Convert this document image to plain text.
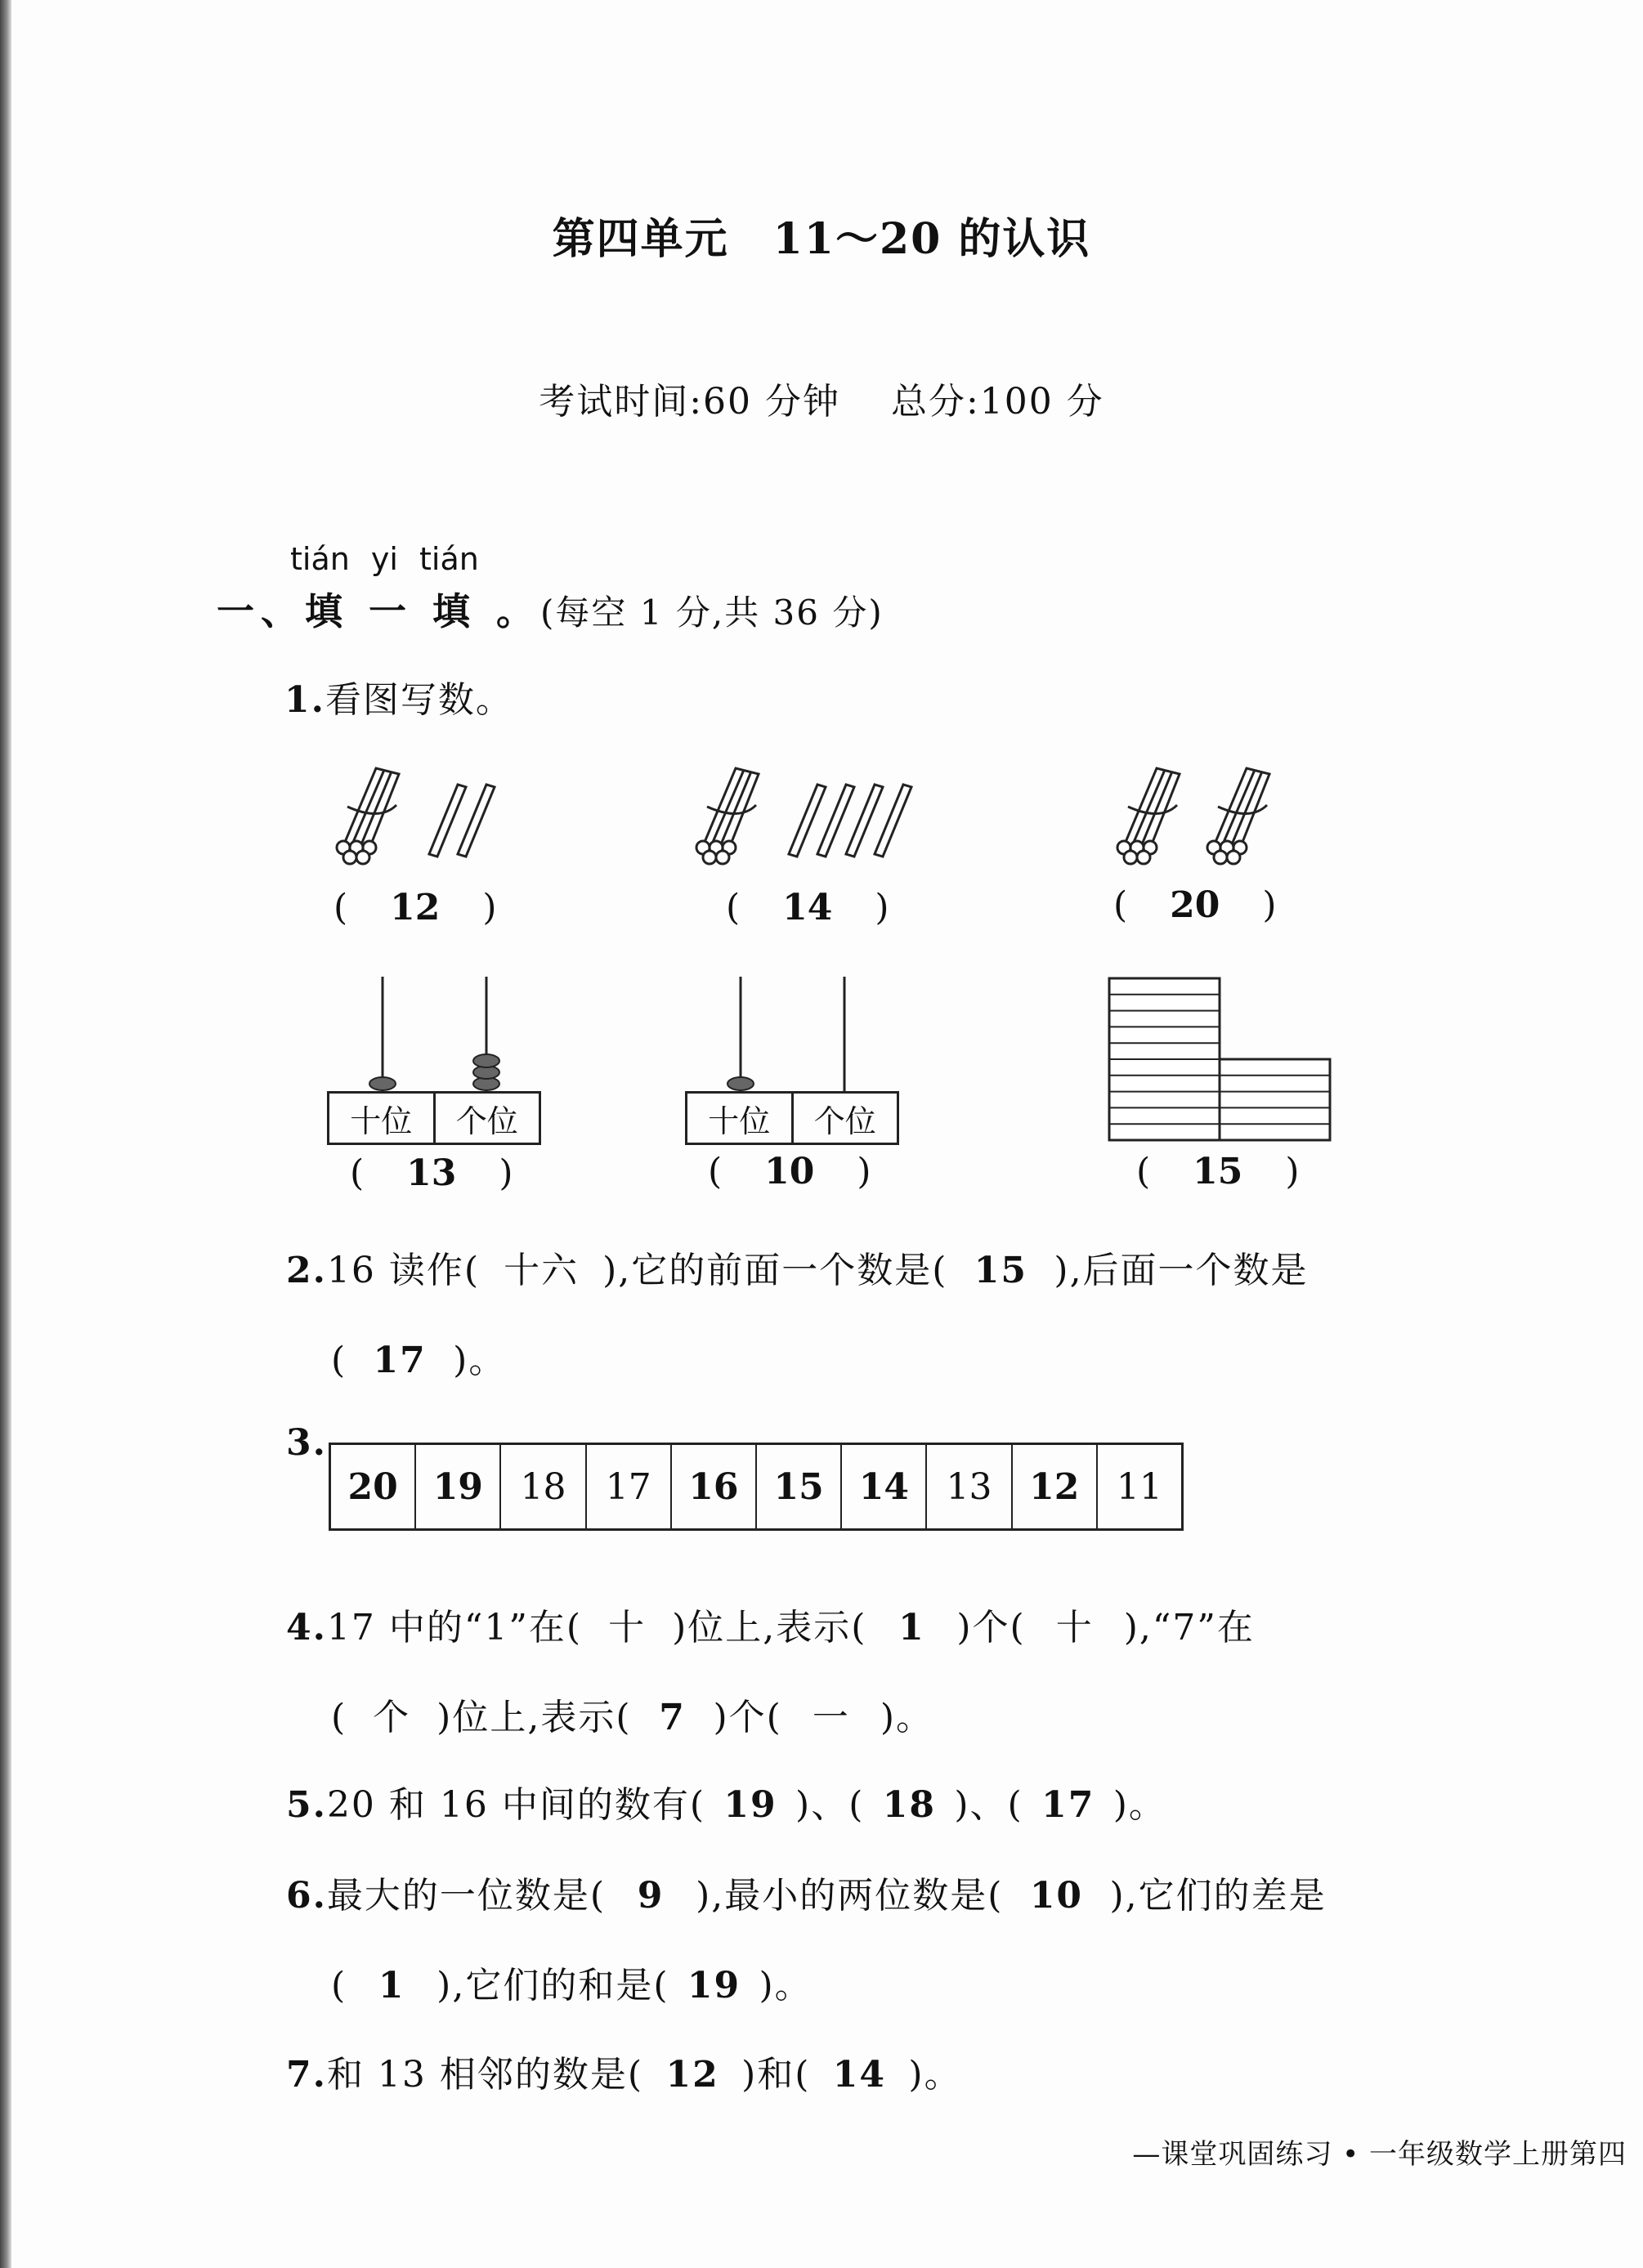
第四单元　11～20 的认识
考试时间:60 分钟　 总分:100 分
tián yi tián
一、填 一 填 。(每空 1 分,共 36 分)
1.看图写数。
( 12 )	( 14 )	( 20 )
十位	个位	十位	个位
( 13 )	( 10 )	( 15 )
2.16 读作( 十六 ),它的前面一个数是( 15 ),后面一个数是
( 17 )。
3.
20 19	18	17	16 15 14	13	12	11
4.17 中的“1”在( 十 )位上,表示( 1 )个( 十 ),“7”在
( 个 )位上,表示( 7 )个( 一 )。
5.20 和 16 中间的数有( 19 )、( 18 )、( 17 )。
6.最大的一位数是( 9 ),最小的两位数是( 10 ),它们的差是
( 1 ),它们的和是( 19 )。
7.和 13 相邻的数是( 12 )和( 14 )。
—课堂巩固练习 • 一年级数学上册第四
